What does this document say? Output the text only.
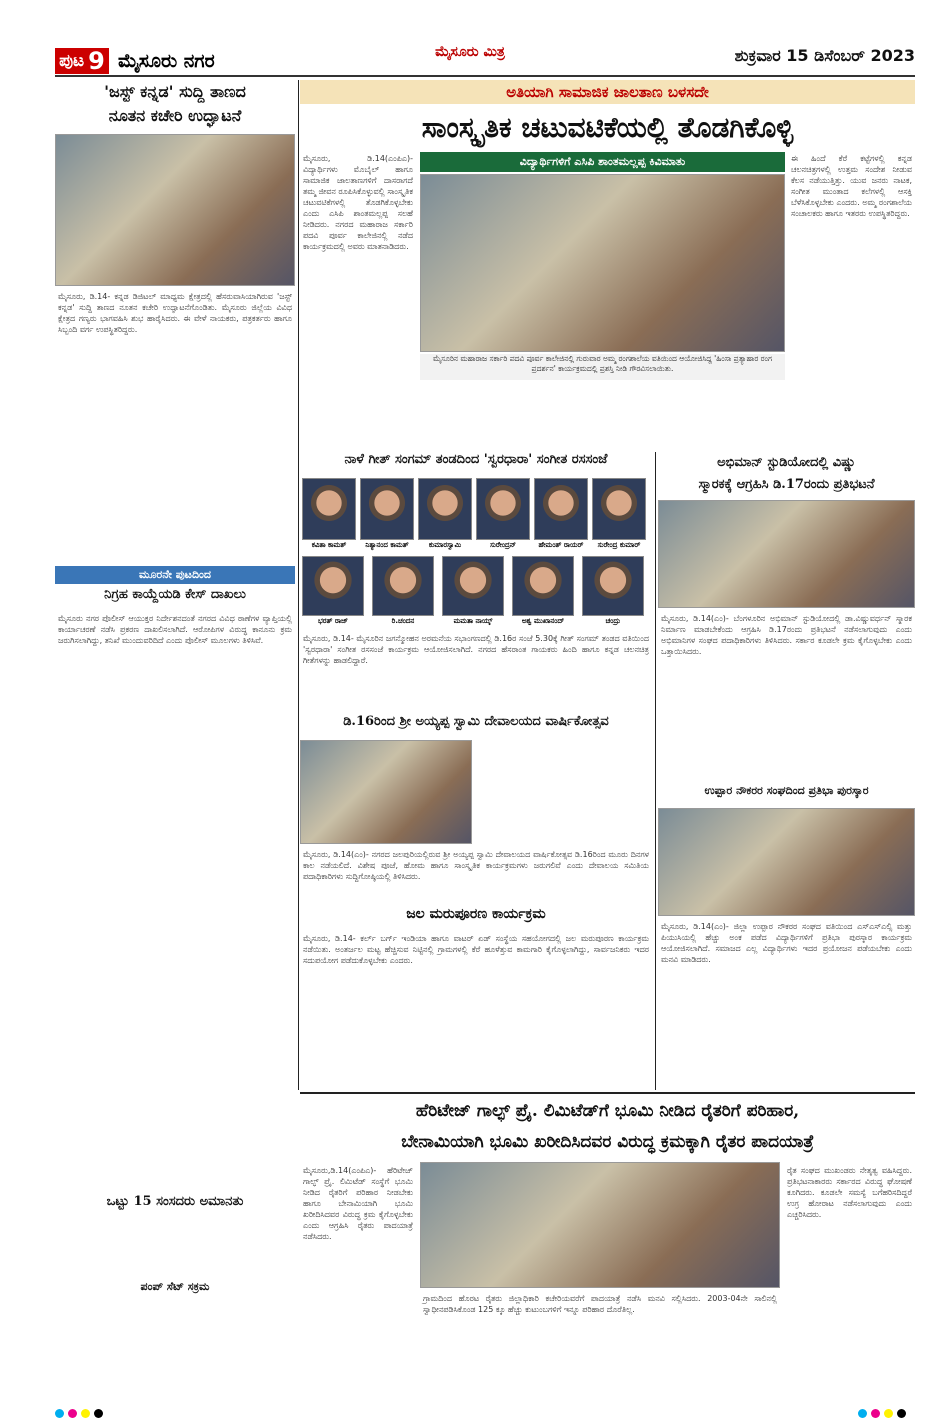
ಪುಟ 9 ಮೈಸೂರು ನಗರ	ಮೈಸೂರು ಮಿತ್ರ	ಶುಕ್ರವಾರ 15 ಡಿಸೆಂಬರ್ 2023
'ಜಸ್ಟ್ ಕನ್ನಡ' ಸುದ್ದಿ ತಾಣದ
ನೂತನ ಕಚೇರಿ ಉದ್ಘಾಟನೆ
ಮೈಸೂರು, ಡಿ.14- ಕನ್ನಡ ಡಿಜಿಟಲ್ ಮಾಧ್ಯಮ ಕ್ಷೇತ್ರದಲ್ಲಿ ಹೆಸರುವಾಸಿಯಾಗಿರುವ 'ಜಸ್ಟ್ ಕನ್ನಡ' ಸುದ್ದಿ ತಾಣದ ನೂತನ ಕಚೇರಿ ಉದ್ಘಾಟನೆಗೊಂಡಿತು. ಮೈಸೂರು ಜಿಲ್ಲೆಯ ವಿವಿಧ ಕ್ಷೇತ್ರದ ಗಣ್ಯರು ಭಾಗವಹಿಸಿ ಶುಭ ಹಾರೈಸಿದರು. ಈ ವೇಳೆ ನಾಯಕರು, ಪತ್ರಕರ್ತರು ಹಾಗೂ ಸಿಬ್ಬಂದಿ ವರ್ಗ ಉಪಸ್ಥಿತರಿದ್ದರು.
ಮೂರನೇ ಪುಟದಿಂದ
ನಿಗ್ರಹ ಕಾಯ್ದೆಯಡಿ ಕೇಸ್ ದಾಖಲು
ಮೈಸೂರು ನಗರ ಪೊಲೀಸ್ ಆಯುಕ್ತರ ನಿರ್ದೇಶನದಂತೆ ನಗರದ ವಿವಿಧ ಠಾಣೆಗಳ ವ್ಯಾಪ್ತಿಯಲ್ಲಿ ಕಾರ್ಯಾಚರಣೆ ನಡೆಸಿ ಪ್ರಕರಣ ದಾಖಲಿಸಲಾಗಿದೆ. ಆರೋಪಿಗಳ ವಿರುದ್ಧ ಕಾನೂನು ಕ್ರಮ ಜರುಗಿಸಲಾಗಿದ್ದು, ತನಿಖೆ ಮುಂದುವರಿದಿದೆ ಎಂದು ಪೊಲೀಸ್ ಮೂಲಗಳು ತಿಳಿಸಿವೆ.
ಒಟ್ಟು 15 ಸಂಸದರು ಅಮಾನತು
ಪಂಪ್ ಸೆಟ್ ಸಕ್ರಮ
ಅತಿಯಾಗಿ ಸಾಮಾಜಿಕ ಜಾಲತಾಣ ಬಳಸದೇ
ಸಾಂಸ್ಕೃತಿಕ ಚಟುವಟಿಕೆಯಲ್ಲಿ ತೊಡಗಿಕೊಳ್ಳಿ
ಮೈಸೂರು, ಡಿ.14(ಎಂಪಿಎ)- ವಿದ್ಯಾರ್ಥಿಗಳು ಮೊಬೈಲ್ ಹಾಗೂ ಸಾಮಾಜಿಕ ಜಾಲತಾಣಗಳಿಗೆ ದಾಸರಾಗದೆ ತಮ್ಮ ಜೀವನ ರೂಪಿಸಿಕೊಳ್ಳುವಲ್ಲಿ ಸಾಂಸ್ಕೃತಿಕ ಚಟುವಟಿಕೆಗಳಲ್ಲಿ ತೊಡಗಿಕೊಳ್ಳಬೇಕು ಎಂದು ಎಸಿಪಿ ಶಾಂತಮಲ್ಲಪ್ಪ ಸಲಹೆ ನೀಡಿದರು. ನಗರದ ಮಹಾರಾಜ ಸರ್ಕಾರಿ ಪದವಿ ಪೂರ್ವ ಕಾಲೇಜಿನಲ್ಲಿ ನಡೆದ ಕಾರ್ಯಕ್ರಮದಲ್ಲಿ ಅವರು ಮಾತನಾಡಿದರು.
ವಿದ್ಯಾರ್ಥಿಗಳಿಗೆ ಎಸಿಪಿ ಶಾಂತಮಲ್ಲಪ್ಪ ಕಿವಿಮಾತು
ಮೈಸೂರಿನ ಮಹಾರಾಜ ಸರ್ಕಾರಿ ಪದವಿ ಪೂರ್ವ ಕಾಲೇಜಿನಲ್ಲಿ ಗುರುವಾರ ಅಮ್ಮ ರಂಗಶಾಲೆಯ ವತಿಯಿಂದ ಆಯೋಜಿಸಿದ್ದ 'ಹಿಂಸಾ ಪ್ರತ್ಯಾಹಾರ ರಂಗ ಪ್ರದರ್ಶನ' ಕಾರ್ಯಕ್ರಮದಲ್ಲಿ ಪ್ರಶಸ್ತಿ ನೀಡಿ ಗೌರವಿಸಲಾಯಿತು.
ಈ ಹಿಂದೆ ಕೆರೆ ಕಟ್ಟೆಗಳಲ್ಲಿ ಕನ್ನಡ ಚಲನಚಿತ್ರಗಳಲ್ಲಿ ಉತ್ತಮ ಸಂದೇಶ ನೀಡುವ ಕೆಲಸ ನಡೆಯುತ್ತಿತ್ತು. ಯುವ ಜನರು ನಾಟಕ, ಸಂಗೀತ ಮುಂತಾದ ಕಲೆಗಳಲ್ಲಿ ಆಸಕ್ತಿ ಬೆಳೆಸಿಕೊಳ್ಳಬೇಕು ಎಂದರು. ಅಮ್ಮ ರಂಗಶಾಲೆಯ ಸಂಚಾಲಕರು ಹಾಗೂ ಇತರರು ಉಪಸ್ಥಿತರಿದ್ದರು.
ನಾಳೆ ಗೀತ್ ಸಂಗಮ್ ತಂಡದಿಂದ 'ಸ್ವರಧಾರಾ' ಸಂಗೀತ ರಸಸಂಜೆ
ಕವಿತಾ ಕಾಮತ್	ನಿತ್ಯಾನಂದ ಕಾಮತ್	ಕುಮಾರಸ್ವಾಮಿ	ಸುರೇಂದ್ರನ್	ಹೇಮಂತ್ ರಾಯರ್	ಸುರೇಂದ್ರ ಕುಮಾರ್
ಭರತ್ ರಾಜ್	ರಿ.ಚಂದನ	ಮಮತಾ ನಾಯ್ಕ್	ಅಶ್ವ ಮುಖಾನಂದ್	ಚಂದ್ರು
ಮೈಸೂರು, ಡಿ.14- ಮೈಸೂರಿನ ಜಗನ್ಮೋಹನ ಅರಮನೆಯ ಸಭಾಂಗಣದಲ್ಲಿ ಡಿ.16ರ ಸಂಜೆ 5.30ಕ್ಕೆ ಗೀತ್ ಸಂಗಮ್ ತಂಡದ ವತಿಯಿಂದ 'ಸ್ವರಧಾರಾ' ಸಂಗೀತ ರಸಸಂಜೆ ಕಾರ್ಯಕ್ರಮ ಆಯೋಜಿಸಲಾಗಿದೆ. ನಗರದ ಹೆಸರಾಂತ ಗಾಯಕರು ಹಿಂದಿ ಹಾಗೂ ಕನ್ನಡ ಚಲನಚಿತ್ರ ಗೀತೆಗಳನ್ನು ಹಾಡಲಿದ್ದಾರೆ.
ಡಿ.16ರಿಂದ ಶ್ರೀ ಅಯ್ಯಪ್ಪ ಸ್ವಾಮಿ ದೇವಾಲಯದ ವಾರ್ಷಿಕೋತ್ಸವ
ಮೈಸೂರು, ಡಿ.14(ಎಂ)- ನಗರದ ಜಲಪುರಿಯಲ್ಲಿರುವ ಶ್ರೀ ಅಯ್ಯಪ್ಪ ಸ್ವಾಮಿ ದೇವಾಲಯದ ವಾರ್ಷಿಕೋತ್ಸವ ಡಿ.16ರಿಂದ ಮೂರು ದಿನಗಳ ಕಾಲ ನಡೆಯಲಿದೆ. ವಿಶೇಷ ಪೂಜೆ, ಹೋಮ ಹಾಗೂ ಸಾಂಸ್ಕೃತಿಕ ಕಾರ್ಯಕ್ರಮಗಳು ಜರುಗಲಿವೆ ಎಂದು ದೇವಾಲಯ ಸಮಿತಿಯ ಪದಾಧಿಕಾರಿಗಳು ಸುದ್ದಿಗೋಷ್ಠಿಯಲ್ಲಿ ತಿಳಿಸಿದರು.
ಜಲ ಮರುಪೂರಣ ಕಾರ್ಯಕ್ರಮ
ಮೈಸೂರು, ಡಿ.14- ಕರ್ಲ್ ಬರ್ಗ್ ಇಂಡಿಯಾ ಹಾಗೂ ವಾಟರ್ ಏಡ್ ಸಂಸ್ಥೆಯ ಸಹಯೋಗದಲ್ಲಿ ಜಲ ಮರುಪೂರಣ ಕಾರ್ಯಕ್ರಮ ನಡೆಯಿತು. ಅಂತರ್ಜಲ ಮಟ್ಟ ಹೆಚ್ಚಿಸುವ ನಿಟ್ಟಿನಲ್ಲಿ ಗ್ರಾಮಗಳಲ್ಲಿ ಕೆರೆ ಹೂಳೆತ್ತುವ ಕಾಮಗಾರಿ ಕೈಗೊಳ್ಳಲಾಗಿದ್ದು, ಸಾರ್ವಜನಿಕರು ಇದರ ಸದುಪಯೋಗ ಪಡೆದುಕೊಳ್ಳಬೇಕು ಎಂದರು.
ಅಭಿಮಾನ್ ಸ್ಟುಡಿಯೋದಲ್ಲಿ ವಿಷ್ಣು
ಸ್ಮಾರಕಕ್ಕೆ ಆಗ್ರಹಿಸಿ ಡಿ.17ರಂದು ಪ್ರತಿಭಟನೆ
ಮೈಸೂರು, ಡಿ.14(ಎಂ)- ಬೆಂಗಳೂರಿನ ಅಭಿಮಾನ್ ಸ್ಟುಡಿಯೋದಲ್ಲಿ ಡಾ.ವಿಷ್ಣುವರ್ಧನ್ ಸ್ಮಾರಕ ನಿರ್ಮಾಣ ಮಾಡಬೇಕೆಂದು ಆಗ್ರಹಿಸಿ ಡಿ.17ರಂದು ಪ್ರತಿಭಟನೆ ನಡೆಸಲಾಗುವುದು ಎಂದು ಅಭಿಮಾನಿಗಳ ಸಂಘದ ಪದಾಧಿಕಾರಿಗಳು ತಿಳಿಸಿದರು. ಸರ್ಕಾರ ಕೂಡಲೇ ಕ್ರಮ ಕೈಗೊಳ್ಳಬೇಕು ಎಂದು ಒತ್ತಾಯಿಸಿದರು.
ಉಪ್ಪಾರ ನೌಕರರ ಸಂಘದಿಂದ ಪ್ರತಿಭಾ ಪುರಸ್ಕಾರ
ಮೈಸೂರು, ಡಿ.14(ಎಂ)- ಜಿಲ್ಲಾ ಉಪ್ಪಾರ ನೌಕರರ ಸಂಘದ ವತಿಯಿಂದ ಎಸ್ಎಸ್ಎಲ್ಸಿ ಮತ್ತು ಪಿಯುಸಿಯಲ್ಲಿ ಹೆಚ್ಚು ಅಂಕ ಪಡೆದ ವಿದ್ಯಾರ್ಥಿಗಳಿಗೆ ಪ್ರತಿಭಾ ಪುರಸ್ಕಾರ ಕಾರ್ಯಕ್ರಮ ಆಯೋಜಿಸಲಾಗಿದೆ. ಸಮಾಜದ ಎಲ್ಲ ವಿದ್ಯಾರ್ಥಿಗಳು ಇದರ ಪ್ರಯೋಜನ ಪಡೆಯಬೇಕು ಎಂದು ಮನವಿ ಮಾಡಿದರು.
ಹೆರಿಟೇಜ್ ಗಾಲ್ಫ್ ಪ್ರೈ. ಲಿಮಿಟೆಡ್‌ಗೆ ಭೂಮಿ ನೀಡಿದ ರೈತರಿಗೆ ಪರಿಹಾರ,
ಬೇನಾಮಿಯಾಗಿ ಭೂಮಿ ಖರೀದಿಸಿದವರ ವಿರುದ್ಧ ಕ್ರಮಕ್ಕಾಗಿ ರೈತರ ಪಾದಯಾತ್ರೆ
ಮೈಸೂರು,ಡಿ.14(ಎಂಪಿಎ)- ಹೆರಿಟೇಜ್ ಗಾಲ್ಫ್ ಪ್ರೈ. ಲಿಮಿಟೆಡ್ ಸಂಸ್ಥೆಗೆ ಭೂಮಿ ನೀಡಿದ ರೈತರಿಗೆ ಪರಿಹಾರ ನೀಡಬೇಕು ಹಾಗೂ ಬೇನಾಮಿಯಾಗಿ ಭೂಮಿ ಖರೀದಿಸಿದವರ ವಿರುದ್ಧ ಕ್ರಮ ಕೈಗೊಳ್ಳಬೇಕು ಎಂದು ಆಗ್ರಹಿಸಿ ರೈತರು ಪಾದಯಾತ್ರೆ ನಡೆಸಿದರು.
ಗ್ರಾಮದಿಂದ ಹೊರಟ ರೈತರು ಜಿಲ್ಲಾಧಿಕಾರಿ ಕಚೇರಿಯವರೆಗೆ ಪಾದಯಾತ್ರೆ ನಡೆಸಿ ಮನವಿ ಸಲ್ಲಿಸಿದರು. 2003-04ನೇ ಸಾಲಿನಲ್ಲಿ ಸ್ವಾಧೀನಪಡಿಸಿಕೊಂಡ 125 ಕ್ಕೂ ಹೆಚ್ಚು ಕುಟುಂಬಗಳಿಗೆ ಇನ್ನೂ ಪರಿಹಾರ ದೊರೆತಿಲ್ಲ.
ರೈತ ಸಂಘದ ಮುಖಂಡರು ನೇತೃತ್ವ ವಹಿಸಿದ್ದರು. ಪ್ರತಿಭಟನಾಕಾರರು ಸರ್ಕಾರದ ವಿರುದ್ಧ ಘೋಷಣೆ ಕೂಗಿದರು. ಕೂಡಲೇ ಸಮಸ್ಯೆ ಬಗೆಹರಿಸದಿದ್ದರೆ ಉಗ್ರ ಹೋರಾಟ ನಡೆಸಲಾಗುವುದು ಎಂದು ಎಚ್ಚರಿಸಿದರು.
